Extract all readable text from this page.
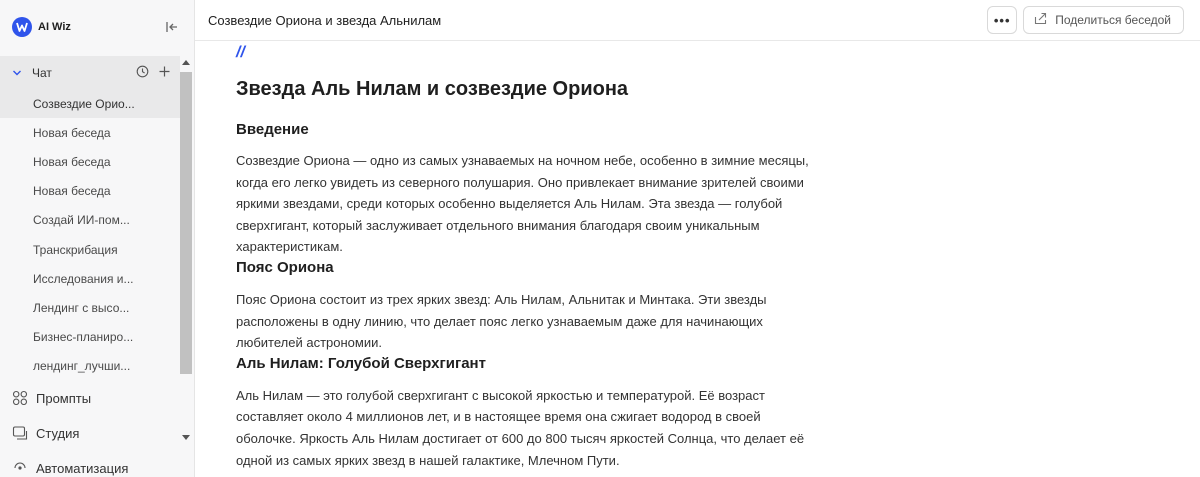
AI Wiz
Чат
Созвездие Орио...
Новая беседа
Новая беседа
Новая беседа
Создай ИИ-пом...
Транскрибация
Исследования и...
Лендинг с высо...
Бизнес-планиро...
лендинг_лучши...
Промпты
Студия
Автоматизация
Созвездие Ориона и звезда Альнилам	•••	Поделиться беседой
//
Звезда Аль Нилам и созвездие Ориона
Введение
Созвездие Ориона — одно из самых узнаваемых на ночном небе, особенно в зимние месяцы,
когда его легко увидеть из северного полушария. Оно привлекает внимание зрителей своими
яркими звездами, среди которых особенно выделяется Аль Нилам. Эта звезда — голубой
сверхгигант, который заслуживает отдельного внимания благодаря своим уникальным
характеристикам.
Пояс Ориона
Пояс Ориона состоит из трех ярких звезд: Аль Нилам, Альнитак и Минтака. Эти звезды
расположены в одну линию, что делает пояс легко узнаваемым даже для начинающих
любителей астрономии.
Аль Нилам: Голубой Сверхгигант
Аль Нилам — это голубой сверхгигант с высокой яркостью и температурой. Её возраст
составляет около 4 миллионов лет, и в настоящее время она сжигает водород в своей
оболочке. Яркость Аль Нилам достигает от 600 до 800 тысяч яркостей Солнца, что делает её
одной из самых ярких звезд в нашей галактике, Млечном Пути.
